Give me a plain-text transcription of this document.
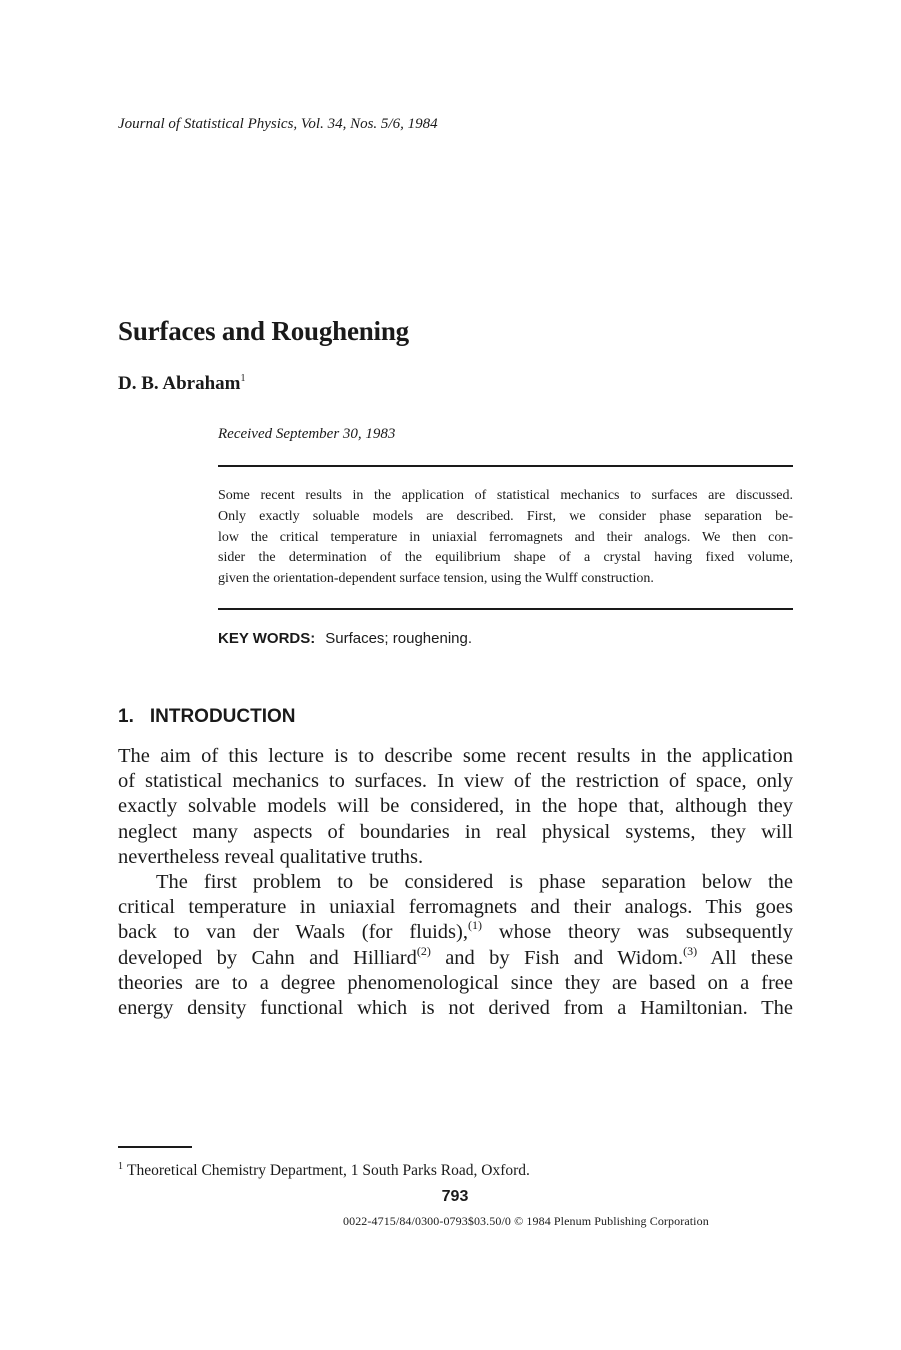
Journal of Statistical Physics, Vol. 34, Nos. 5/6, 1984
Surfaces and Roughening
D. B. Abraham$^1$
Received September 30, 1983
Some recent results in the application of statistical mechanics to surfaces are discussed.
Only exactly soluable models are described. First, we consider phase separation be-
low the critical temperature in uniaxial ferromagnets and their analogs. We then con-
sider the determination of the equilibrium shape of a crystal having fixed volume,
given the orientation-dependent surface tension, using the Wulff construction.
KEY WORDS: Surfaces; roughening.
1. INTRODUCTION
The aim of this lecture is to describe some recent results in the application
of statistical mechanics to surfaces. In view of the restriction of space, only
exactly solvable models will be considered, in the hope that, although they
neglect many aspects of boundaries in real physical systems, they will
nevertheless reveal qualitative truths.
The first problem to be considered is phase separation below the
critical temperature in uniaxial ferromagnets and their analogs. This goes
back to van der Waals (for fluids),$^{(1)}$ whose theory was subsequently
developed by Cahn and Hilliard$^{(2)}$ and by Fish and Widom.$^{(3)}$ All these
theories are to a degree phenomenological since they are based on a free
energy density functional which is not derived from a Hamiltonian. The
$^1$ Theoretical Chemistry Department, 1 South Parks Road, Oxford.
793
0022-4715/84/0300-0793$03.50/0 © 1984 Plenum Publishing Corporation
